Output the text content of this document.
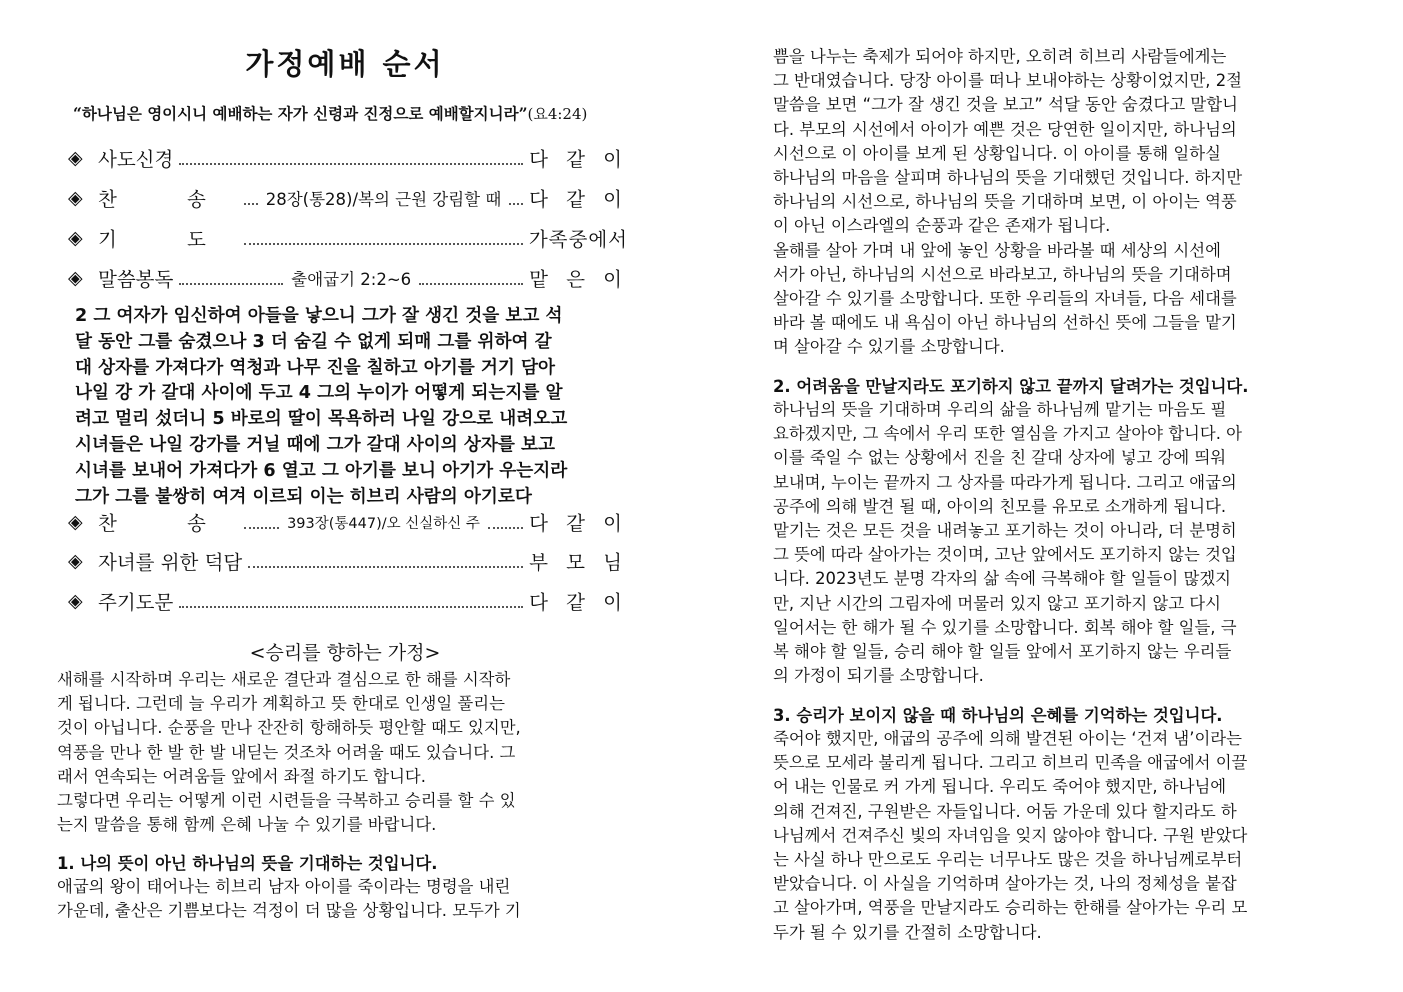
가정예배 순서
“하나님은 영이시니 예배하는 자가 신령과 진정으로 예배할지니라”(요4:24)
◈ 사도신경	다 같 이
◈ 찬 송 28장(통28)/복의 근원 강림할 때 다 같 이
◈ 기 도	가족중에서
◈ 말씀봉독	출애굽기 2:2~6	맡 은 이
2 그 여자가 임신하여 아들을 낳으니 그가 잘 생긴 것을 보고 석
달 동안 그를 숨겼으나 3 더 숨길 수 없게 되매 그를 위하여 갈
대 상자를 가져다가 역청과 나무 진을 칠하고 아기를 거기 담아
나일 강 가 갈대 사이에 두고 4 그의 누이가 어떻게 되는지를 알
려고 멀리 섰더니 5 바로의 딸이 목욕하러 나일 강으로 내려오고
시녀들은 나일 강가를 거닐 때에 그가 갈대 사이의 상자를 보고
시녀를 보내어 가져다가 6 열고 그 아기를 보니 아기가 우는지라
그가 그를 불쌍히 여겨 이르되 이는 히브리 사람의 아기로다
◈ 찬 송	393장(통447)/오 신실하신 주	다 같 이
◈ 자녀를 위한 덕담	부 모 님
◈ 주기도문	다 같 이
<승리를 향하는 가정>
새해를 시작하며 우리는 새로운 결단과 결심으로 한 해를 시작하
게 됩니다. 그런데 늘 우리가 계획하고 뜻 한대로 인생일 풀리는
것이 아닙니다. 순풍을 만나 잔잔히 항해하듯 평안할 때도 있지만,
역풍을 만나 한 발 한 발 내딛는 것조차 어려울 때도 있습니다. 그
래서 연속되는 어려움들 앞에서 좌절 하기도 합니다.
그렇다면 우리는 어떻게 이런 시련들을 극복하고 승리를 할 수 있
는지 말씀을 통해 함께 은혜 나눌 수 있기를 바랍니다.
1. 나의 뜻이 아닌 하나님의 뜻을 기대하는 것입니다.
애굽의 왕이 태어나는 히브리 남자 아이를 죽이라는 명령을 내린
가운데, 출산은 기쁨보다는 걱정이 더 많을 상황입니다. 모두가 기
쁨을 나누는 축제가 되어야 하지만, 오히려 히브리 사람들에게는
그 반대였습니다. 당장 아이를 떠나 보내야하는 상황이었지만, 2절
말씀을 보면 “그가 잘 생긴 것을 보고” 석달 동안 숨겼다고 말합니
다. 부모의 시선에서 아이가 예쁜 것은 당연한 일이지만, 하나님의
시선으로 이 아이를 보게 된 상황입니다. 이 아이를 통해 일하실
하나님의 마음을 살피며 하나님의 뜻을 기대했던 것입니다. 하지만
하나님의 시선으로, 하나님의 뜻을 기대하며 보면, 이 아이는 역풍
이 아닌 이스라엘의 순풍과 같은 존재가 됩니다.
올해를 살아 가며 내 앞에 놓인 상황을 바라볼 때 세상의 시선에
서가 아닌, 하나님의 시선으로 바라보고, 하나님의 뜻을 기대하며
살아갈 수 있기를 소망합니다. 또한 우리들의 자녀들, 다음 세대를
바라 볼 때에도 내 욕심이 아닌 하나님의 선하신 뜻에 그들을 맡기
며 살아갈 수 있기를 소망합니다.
2. 어려움을 만날지라도 포기하지 않고 끝까지 달려가는 것입니다.
하나님의 뜻을 기대하며 우리의 삶을 하나님께 맡기는 마음도 필
요하겠지만, 그 속에서 우리 또한 열심을 가지고 살아야 합니다. 아
이를 죽일 수 없는 상황에서 진을 친 갈대 상자에 넣고 강에 띄워
보내며, 누이는 끝까지 그 상자를 따라가게 됩니다. 그리고 애굽의
공주에 의해 발견 될 때, 아이의 친모를 유모로 소개하게 됩니다.
맡기는 것은 모든 것을 내려놓고 포기하는 것이 아니라, 더 분명히
그 뜻에 따라 살아가는 것이며, 고난 앞에서도 포기하지 않는 것입
니다. 2023년도 분명 각자의 삶 속에 극복해야 할 일들이 많겠지
만, 지난 시간의 그림자에 머물러 있지 않고 포기하지 않고 다시
일어서는 한 해가 될 수 있기를 소망합니다. 회복 해야 할 일들, 극
복 해야 할 일들, 승리 해야 할 일들 앞에서 포기하지 않는 우리들
의 가정이 되기를 소망합니다.
3. 승리가 보이지 않을 때 하나님의 은혜를 기억하는 것입니다.
죽어야 했지만, 애굽의 공주에 의해 발견된 아이는 ‘건져 냄’이라는
뜻으로 모세라 불리게 됩니다. 그리고 히브리 민족을 애굽에서 이끌
어 내는 인물로 커 가게 됩니다. 우리도 죽어야 했지만, 하나님에
의해 건져진, 구원받은 자들입니다. 어둠 가운데 있다 할지라도 하
나님께서 건져주신 빛의 자녀임을 잊지 않아야 합니다. 구원 받았다
는 사실 하나 만으로도 우리는 너무나도 많은 것을 하나님께로부터
받았습니다. 이 사실을 기억하며 살아가는 것, 나의 정체성을 붙잡
고 살아가며, 역풍을 만날지라도 승리하는 한해를 살아가는 우리 모
두가 될 수 있기를 간절히 소망합니다.
